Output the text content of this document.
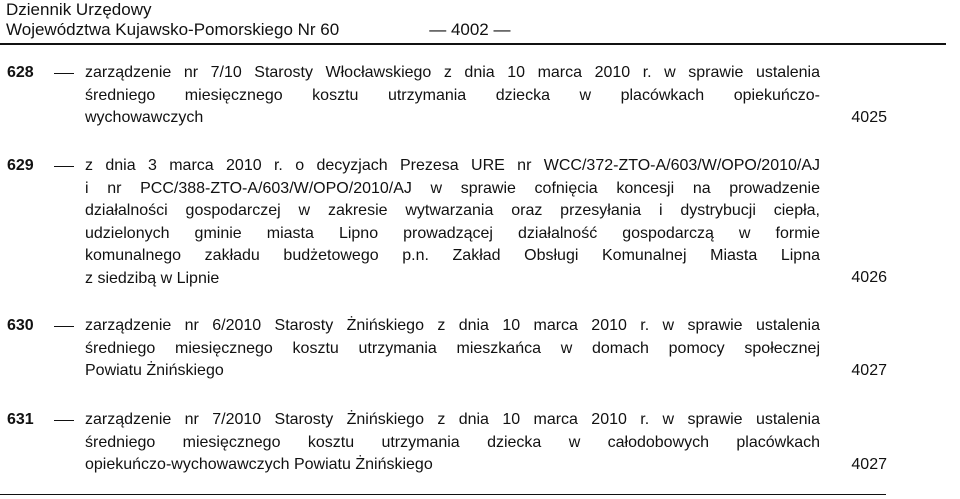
Dziennik Urzędowy
Województwa Kujawsko-Pomorskiego Nr 60	— 4002 —
628	zarządzenie nr 7/10 Starosty Włocławskiego z dnia 10 marca 2010 r. w sprawie ustalenia
średniego miesięcznego kosztu utrzymania dziecka w placówkach opiekuńczo-
wychowawczych	4025
629	z dnia 3 marca 2010 r. o decyzjach Prezesa URE nr WCC/372-ZTO-A/603/W/OPO/2010/AJ
i nr PCC/388-ZTO-A/603/W/OPO/2010/AJ w sprawie cofnięcia koncesji na prowadzenie
działalności gospodarczej w zakresie wytwarzania oraz przesyłania i dystrybucji ciepła,
udzielonych gminie miasta Lipno prowadzącej działalność gospodarczą w formie
komunalnego zakładu budżetowego p.n. Zakład Obsługi Komunalnej Miasta Lipna
z siedzibą w Lipnie	4026
630	zarządzenie nr 6/2010 Starosty Żnińskiego z dnia 10 marca 2010 r. w sprawie ustalenia
średniego miesięcznego kosztu utrzymania mieszkańca w domach pomocy społecznej
Powiatu Żnińskiego	4027
631	zarządzenie nr 7/2010 Starosty Żnińskiego z dnia 10 marca 2010 r. w sprawie ustalenia
średniego miesięcznego kosztu utrzymania dziecka w całodobowych placówkach
opiekuńczo-wychowawczych Powiatu Żnińskiego	4027
